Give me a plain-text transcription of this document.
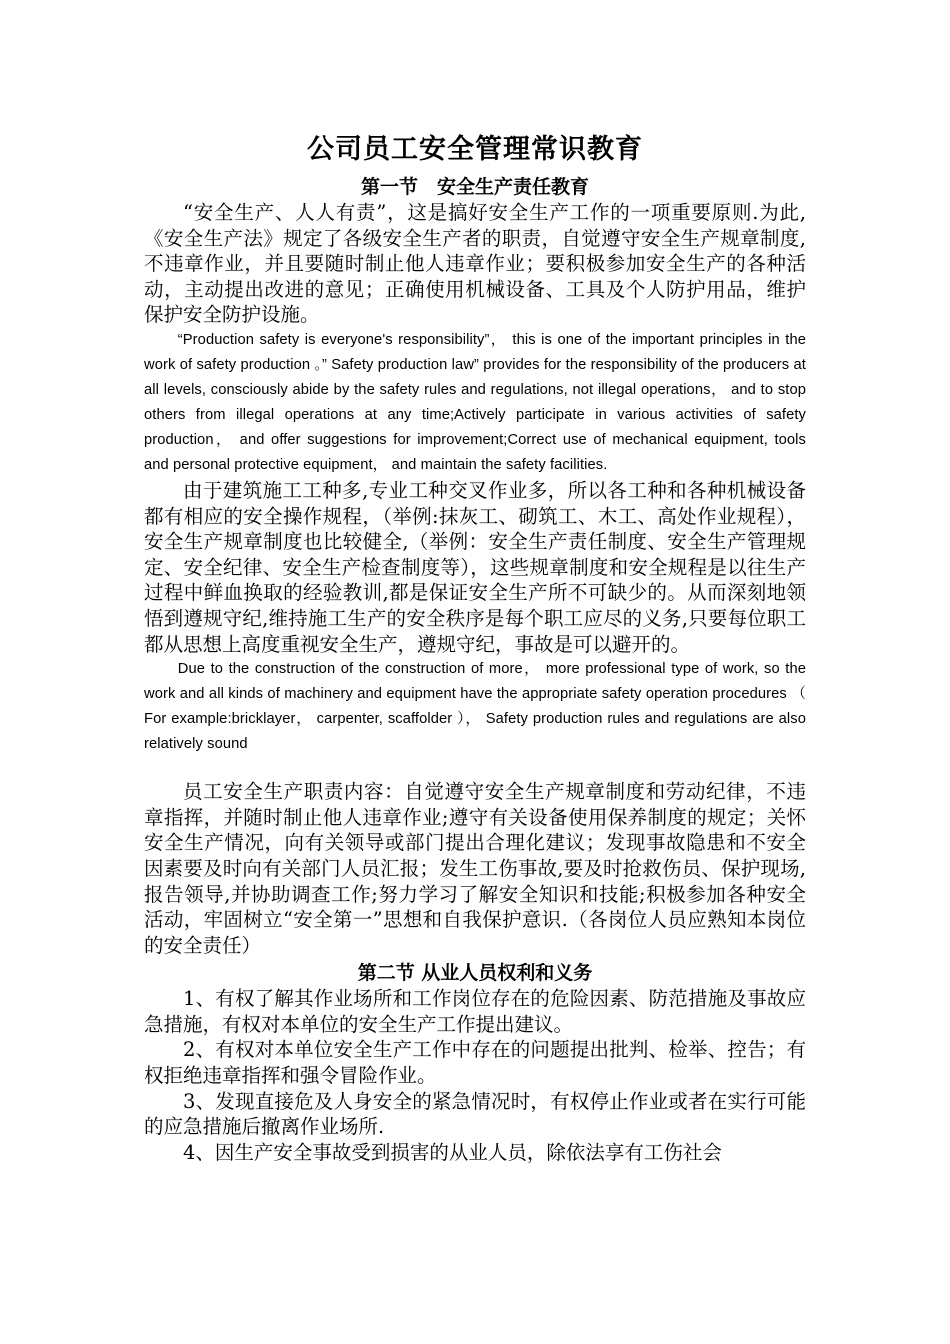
公司员工安全管理常识教育
第一节　安全生产责任教育

“安全生产、人人有责”，这是搞好安全生产工作的一项重要原则.为此,《安全生产法》规定了各级安全生产者的职责，自觉遵守安全生产规章制度,不违章作业，并且要随时制止他人违章作业；要积极参加安全生产的各种活动，主动提出改进的意见；正确使用机械设备、工具及个人防护用品，维护保护安全防护设施。

“Production safety is everyone's responsibility”， this is one of the important principles in the work of safety production 。” Safety production law” provides for the responsibility of the producers at all levels, consciously abide by the safety rules and regulations, not illegal operations， and to stop others from illegal operations at any time;Actively participate in various activities of safety production， and offer suggestions for improvement;Correct use of mechanical equipment, tools and personal protective equipment， and maintain the safety facilities.

由于建筑施工工种多,专业工种交叉作业多，所以各工种和各种机械设备都有相应的安全操作规程，（举例:抹灰工、砌筑工、木工、高处作业规程），安全生产规章制度也比较健全,（举例：安全生产责任制度、安全生产管理规定、安全纪律、安全生产检查制度等），这些规章制度和安全规程是以往生产过程中鲜血换取的经验教训,都是保证安全生产所不可缺少的。从而深刻地领悟到遵规守纪,维持施工生产的安全秩序是每个职工应尽的义务,只要每位职工都从思想上高度重视安全生产，遵规守纪，事故是可以避开的。

Due to the construction of the construction of more， more professional type of work, so the work and all kinds of machinery and equipment have the appropriate safety operation procedures （ For example:bricklayer， carpenter, scaffolder ）， Safety production rules and regulations are also relatively sound

员工安全生产职责内容：自觉遵守安全生产规章制度和劳动纪律，不违章指挥，并随时制止他人违章作业;遵守有关设备使用保养制度的规定；关怀安全生产情况，向有关领导或部门提出合理化建议；发现事故隐患和不安全因素要及时向有关部门人员汇报；发生工伤事故,要及时抢救伤员、保护现场,报告领导,并协助调查工作;努力学习了解安全知识和技能;积极参加各种安全活动，牢固树立“安全第一”思想和自我保护意识.（各岗位人员应熟知本岗位的安全责任）

第二节 从业人员权利和义务

1、有权了解其作业场所和工作岗位存在的危险因素、防范措施及事故应急措施，有权对本单位的安全生产工作提出建议。

2、有权对本单位安全生产工作中存在的问题提出批判、检举、控告；有权拒绝违章指挥和强令冒险作业。

3、发现直接危及人身安全的紧急情况时，有权停止作业或者在实行可能的应急措施后撤离作业场所.

4、因生产安全事故受到损害的从业人员，除依法享有工伤社会
